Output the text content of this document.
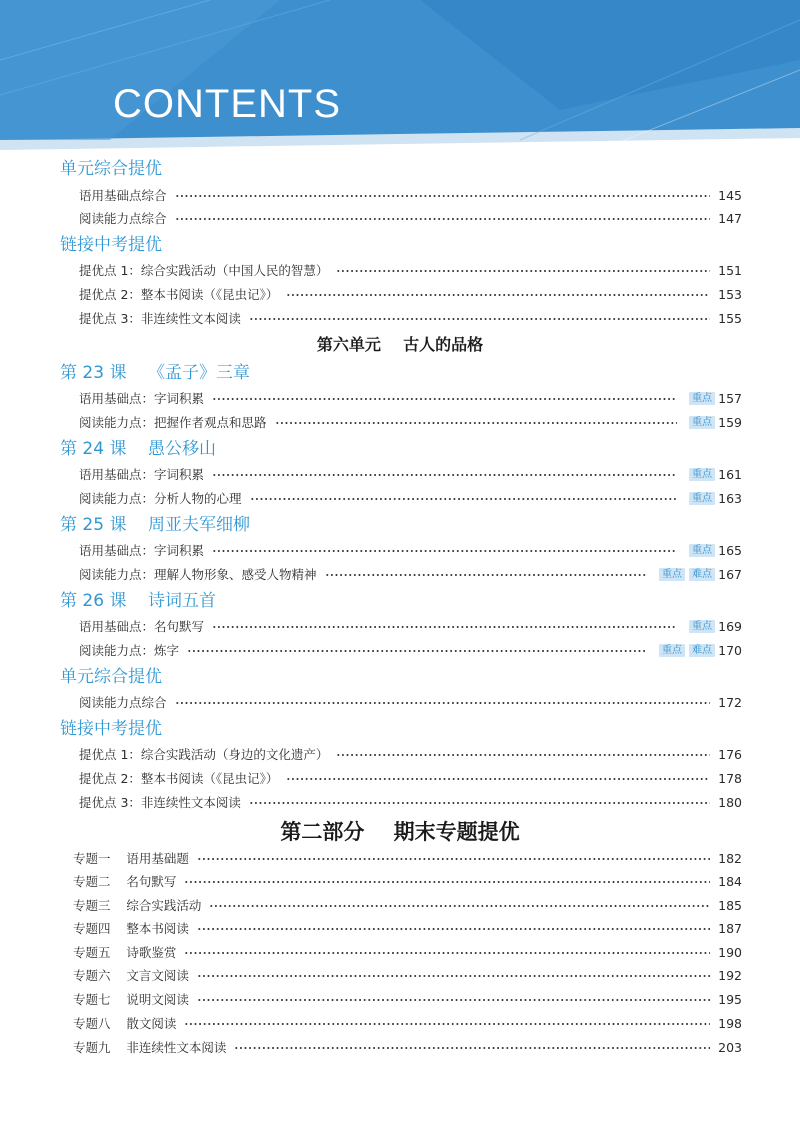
CONTENTS
单元综合提优
语用基础点综合	145
阅读能力点综合	147
链接中考提优
提优点 1：综合实践活动（中国人民的智慧）	151
提优点 2：整本书阅读（《昆虫记》）	153
提优点 3：非连续性文本阅读	155
第六单元    古人的品格
第 23 课    《孟子》三章
语用基础点：字词积累	重点 157
阅读能力点：把握作者观点和思路	重点 159
第 24 课    愚公移山
语用基础点：字词积累	重点 161
阅读能力点：分析人物的心理	重点 163
第 25 课    周亚夫军细柳
语用基础点：字词积累	重点 165
阅读能力点：理解人物形象、感受人物精神	重点	难点 167
第 26 课    诗词五首
语用基础点：名句默写	重点 169
阅读能力点：炼字	重点	难点 170
单元综合提优
阅读能力点综合	172
链接中考提优
提优点 1：综合实践活动（身边的文化遗产）	176
提优点 2：整本书阅读（《昆虫记》）	178
提优点 3：非连续性文本阅读	180
第二部分    期末专题提优
专题一    语用基础题	182
专题二    名句默写	184
专题三    综合实践活动	185
专题四    整本书阅读	187
专题五    诗歌鉴赏	190
专题六    文言文阅读	192
专题七    说明文阅读	195
专题八    散文阅读	198
专题九    非连续性文本阅读	203
